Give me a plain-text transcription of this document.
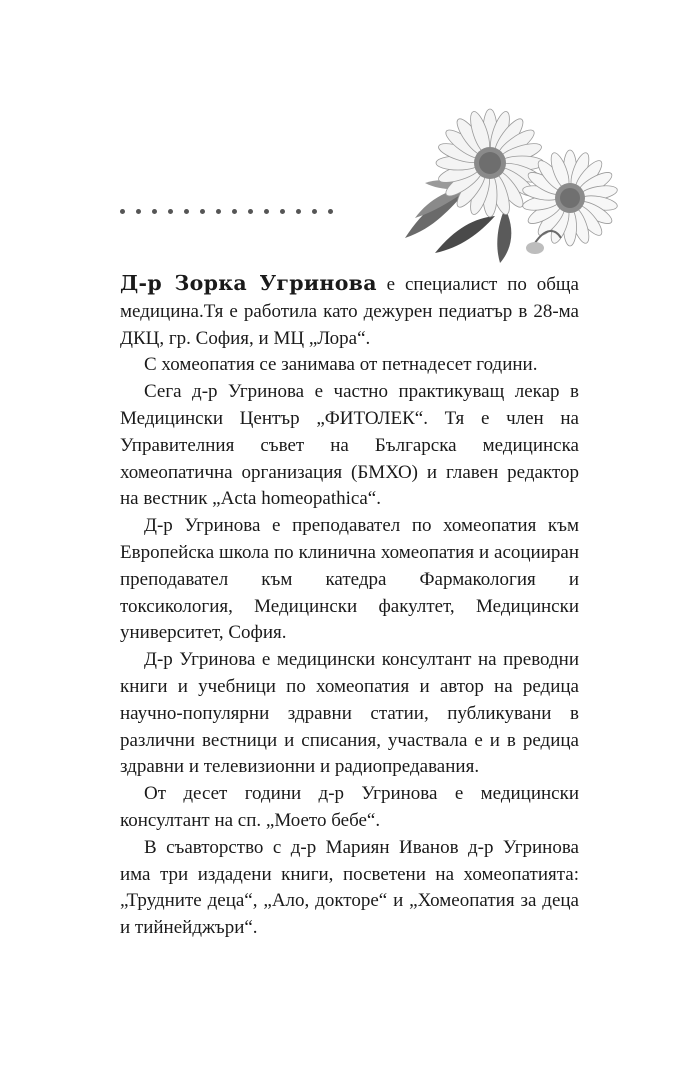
Д-р Зорка Угринова е специалист по обща медицина.Тя е работила като дежурен педиатър в 28-ма ДКЦ, гр. София, и МЦ „Лора“.

С хомеопатия се занимава от петнадесет години.

Сега д-р Угринова е частно практикуващ лекар в Медицински Център „ФИТОЛЕК“. Тя е член на Управителния съвет на Българска медицинска хомеопатична организация (БМХО) и главен редактор на вестник „Acta homeopathica“.

Д-р Угринова е преподавател по хомеопатия към Европейска школа по клинична хомеопатия и асоцииран преподавател към катедра Фармакология и токсикология, Медицински факултет, Медицински университет, София.

Д-р Угринова е медицински консултант на преводни книги и учебници по хомеопатия и автор на редица научно-популярни здравни статии, публикувани в различни вестници и списания, участвала е и в редица здравни и телевизионни и радиопредавания.

От десет години д-р Угринова е медицински консултант на сп. „Моето бебе“.

В съавторство с д-р Мариян Иванов д-р Угринова има три издадени книги, посветени на хомеопатията: „Трудните деца“, „Ало, докторе“ и „Хомеопатия за деца и тийнейджъри“.
